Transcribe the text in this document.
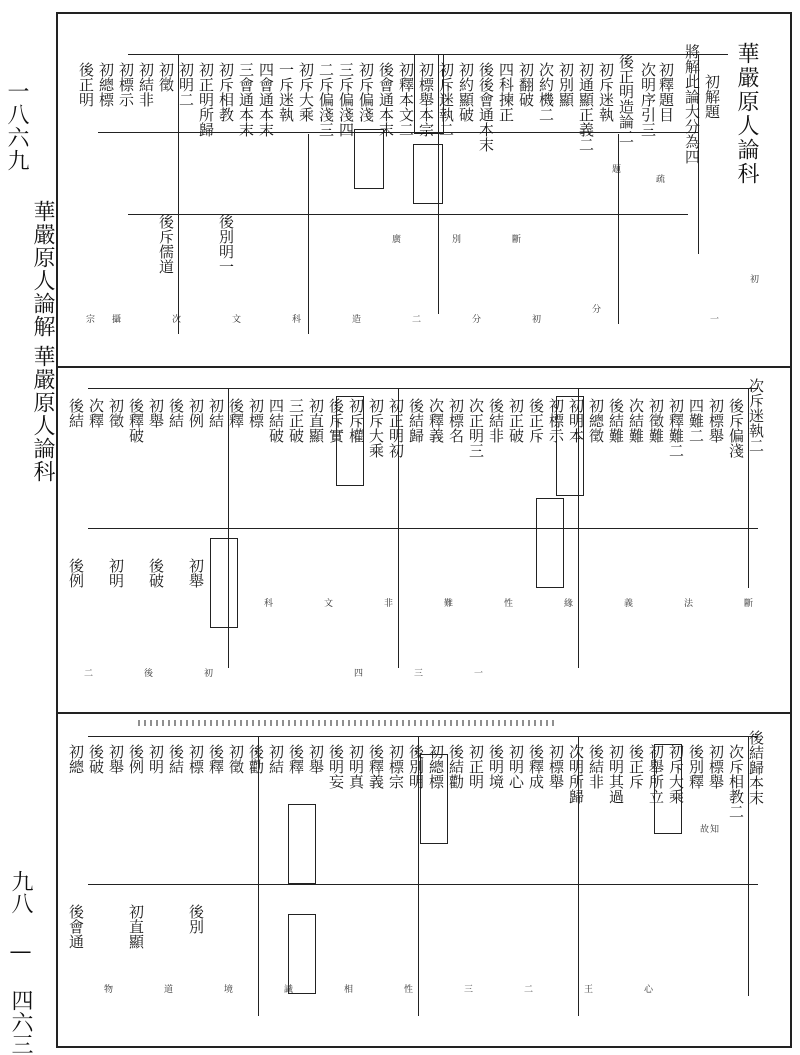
一八六九
華嚴原人論解
華嚴原人論科
九八 — 四六三
華嚴原人論科
初解題
將解此論大分為四
初釋題目
次明序引三
後正明造論二
初斥迷執
初通顯正義二
初別顯
次約機二
初翻破
四科揀正
後後會通本末
初約顯破
初斥迷執二
初標舉本宗
初釋本文二
後會通本末
初斥偏淺
三斥偏淺四
二斥偏淺三
初斥大乘
一斥迷執
四會通本末
三會通本末
初斥相教
初正明所歸
初明二
初徵
初結非
初標示
初總標
後正明
後別明一
後斥儒道
初
疏
題
分
初
分
二
造
科
文
次
攝
宗
斷
別
廣
一
次斥迷執二
後斥偏淺
初標舉
四難二
初釋難二
初徵難
次結難
後結難
初總徵
初明本
初標示
後正斥
初正破
後結非
次正明三
初標名
次釋義
後結歸
初正明初
初斥大乘
初斥權
後斥實
初直顯
三正破
四結破
初標
後釋
初結
初例
後結
初舉
後釋破
初徵
次釋
後結
初舉
後破
初明
後例
斷
法
義
緣
性
難
非
文
科
初
後
二	一
三
四
後結歸本末
次斥相教二
初標舉
後別釋
初斥大乘
初舉所立
後正斥
初明其過
後結非
次明所歸
初標舉
後釋成
初明心
後明境
初正明
後結勸
初總標
後別明
初標宗
後釋義
初明真
後明妄
初舉
後釋
初結
後勸
初徵
後釋
初標
後結
初明
後例
初舉
後破
初總
後別
初直顯
後會通
知
故
心
王
二
三
性
相
識
境
道
物
